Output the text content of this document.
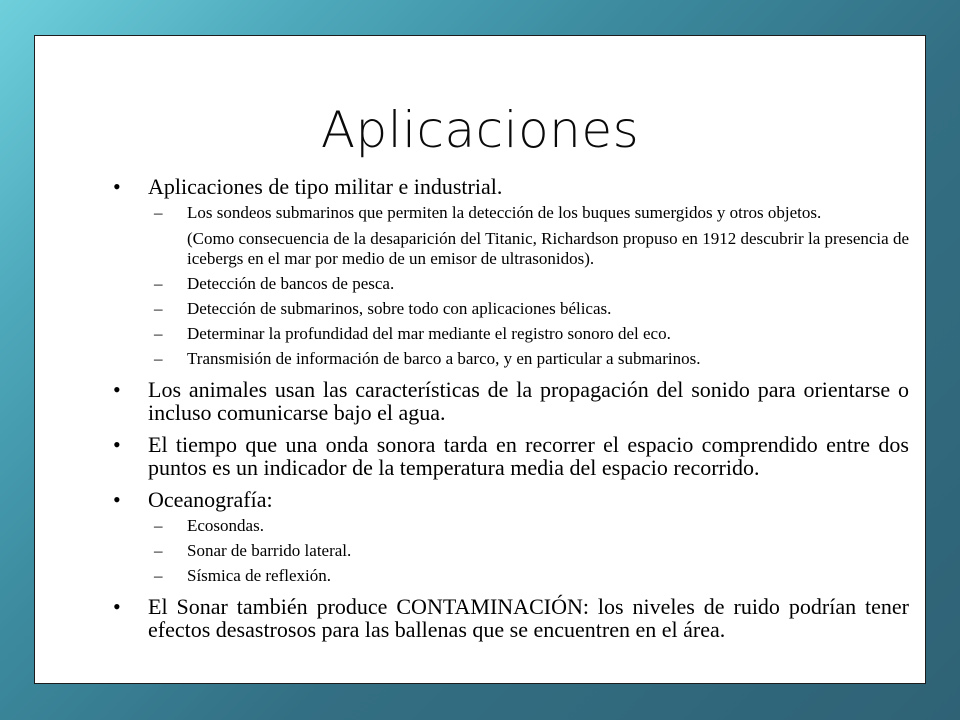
Aplicaciones
• Aplicaciones de tipo militar e industrial.
– Los sondeos submarinos que permiten la detección de los buques sumergidos y otros objetos.
(Como consecuencia de la desaparición del Titanic, Richardson propuso en 1912 descubrir la presencia de icebergs en el mar por medio de un emisor de ultrasonidos).
– Detección de bancos de pesca.
– Detección de submarinos, sobre todo con aplicaciones bélicas.
– Determinar la profundidad del mar mediante el registro sonoro del eco.
– Transmisión de información de barco a barco, y en particular a submarinos.
• Los animales usan las características de la propagación del sonido para orientarse o incluso comunicarse bajo el agua.
• El tiempo que una onda sonora tarda en recorrer el espacio comprendido entre dos puntos es un indicador de la temperatura media del espacio recorrido.
• Oceanografía:
– Ecosondas.
– Sonar de barrido lateral.
– Sísmica de reflexión.
• El Sonar también produce CONTAMINACIÓN: los niveles de ruido podrían tener efectos desastrosos para las ballenas que se encuentren en el área.
